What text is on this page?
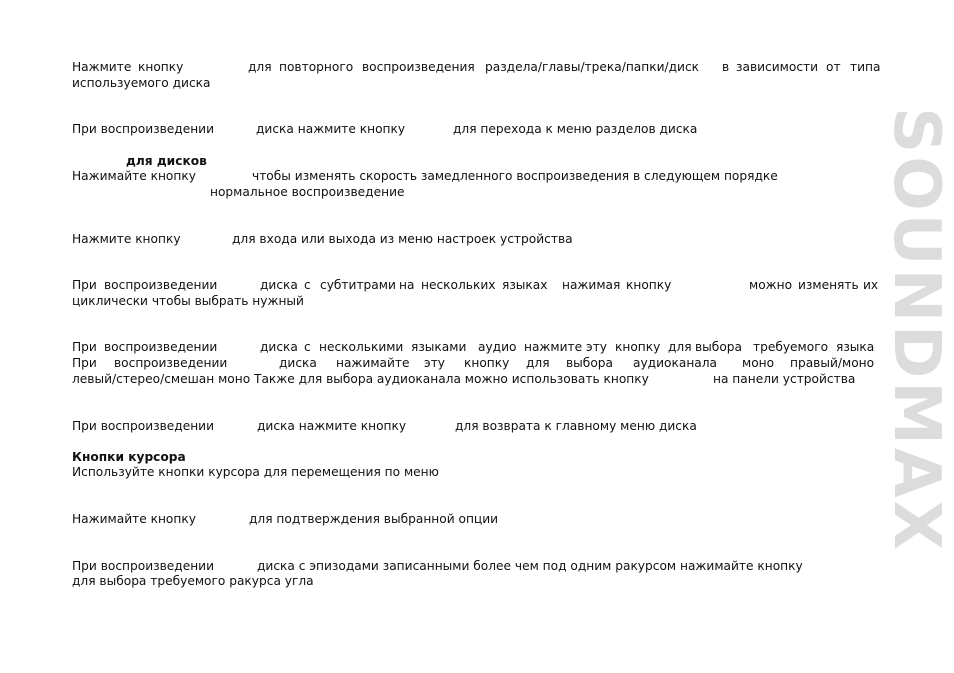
SOUNDMAX
Нажмите кнопку	для повторного воспроизведения раздела/главы/трека/папки/диск в зависимости от типа
используемого диска
При воспроизведении	диска нажмите кнопку	для перехода к меню разделов диска
для дисков
Нажимайте кнопку	чтобы изменять скорость замедленного воспроизведения в следующем порядке
нормальное воспроизведение
Нажмите кнопку	для входа или выхода из меню настроек устройства
При воспроизведении	диска с субтитрами на нескольких языках нажимая кнопку	можно изменять их
циклически чтобы выбрать нужный
При воспроизведении	диска с несколькими языками аудио нажмите эту кнопку для выбора требуемого языка
При воспроизведении	диска нажимайте эту кнопку для выбора аудиоканала моно правый/моно
левый/стерео/смешан моно Также для выбора аудиоканала можно использовать кнопку	на панели устройства
При воспроизведении	диска нажмите кнопку	для возврата к главному меню диска
Кнопки курсора
Используйте кнопки курсора для перемещения по меню
Нажимайте кнопку	для подтверждения выбранной опции
При воспроизведении	диска с эпизодами записанными более чем под одним ракурсом нажимайте кнопку
для выбора требуемого ракурса угла
